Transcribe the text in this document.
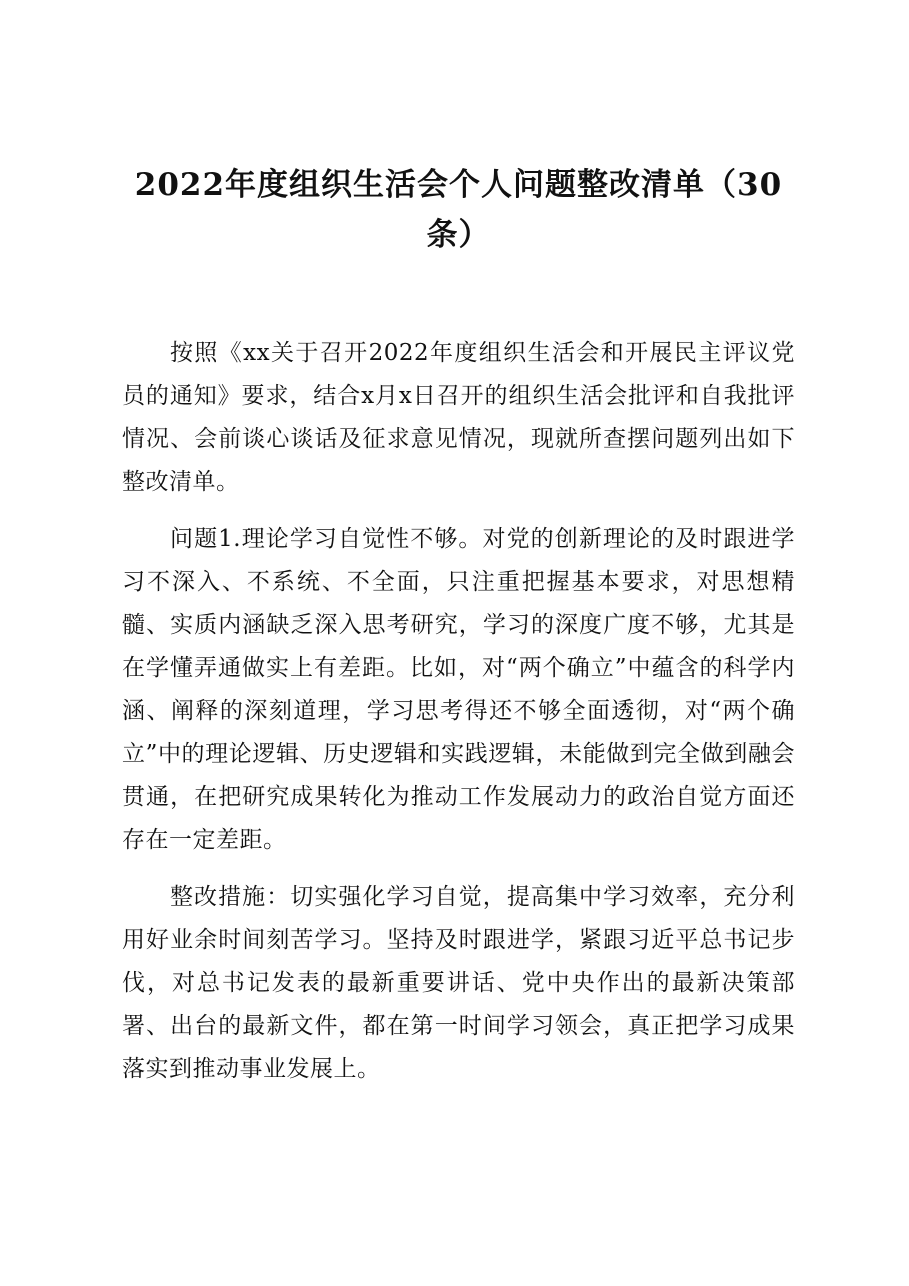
2022年度组织生活会个人问题整改清单（30条）

按照《xx关于召开2022年度组织生活会和开展民主评议党员的通知》要求，结合x月x日召开的组织生活会批评和自我批评情况、会前谈心谈话及征求意见情况，现就所查摆问题列出如下整改清单。

问题1.理论学习自觉性不够。对党的创新理论的及时跟进学习不深入、不系统、不全面，只注重把握基本要求，对思想精髓、实质内涵缺乏深入思考研究，学习的深度广度不够，尤其是在学懂弄通做实上有差距。比如，对“两个确立”中蕴含的科学内涵、阐释的深刻道理，学习思考得还不够全面透彻，对“两个确立”中的理论逻辑、历史逻辑和实践逻辑，未能做到完全做到融会贯通，在把研究成果转化为推动工作发展动力的政治自觉方面还存在一定差距。

整改措施：切实强化学习自觉，提高集中学习效率，充分利用好业余时间刻苦学习。坚持及时跟进学，紧跟习近平总书记步伐，对总书记发表的最新重要讲话、党中央作出的最新决策部署、出台的最新文件，都在第一时间学习领会，真正把学习成果落实到推动事业发展上。
